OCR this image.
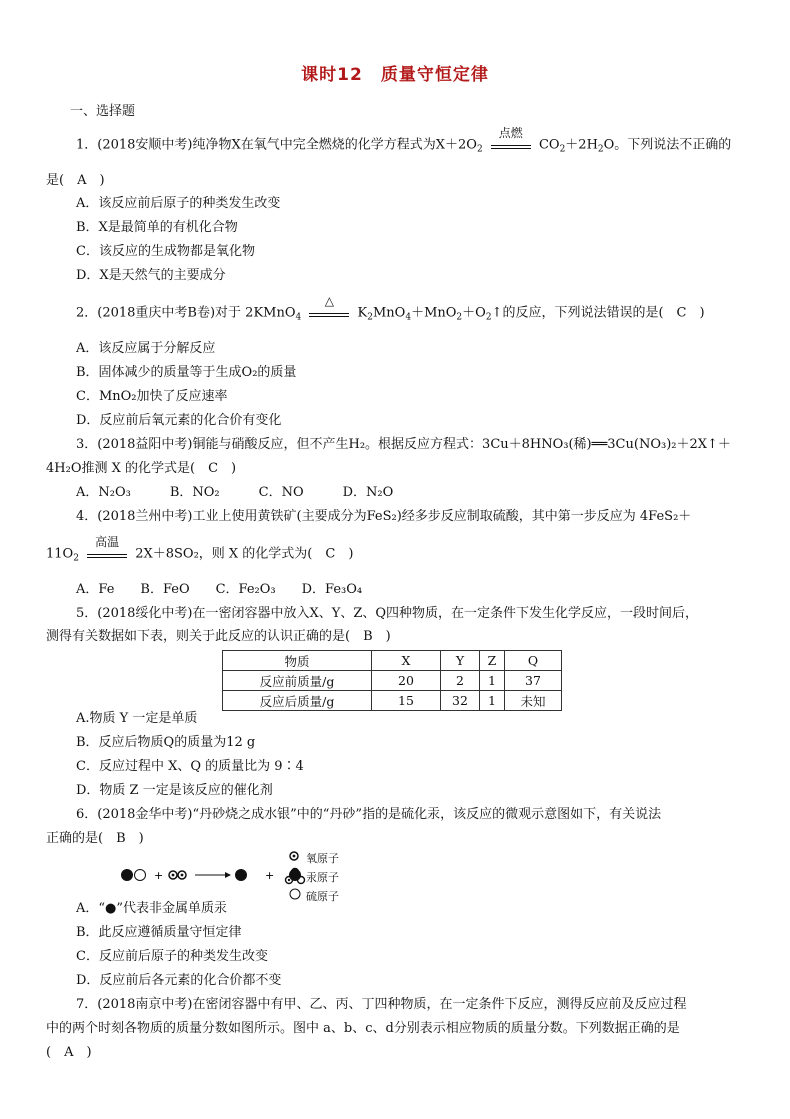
课时12　质量守恒定律
一、选择题
1．(2018安顺中考)纯净物X在氧气中完全燃烧的化学方程式为$X+2O_2$
点燃
$CO_2+2H_2O$。下列说法不正确的
是(　A　)
A．该反应前后原子的种类发生改变
B．X是最简单的有机化合物
C．该反应的生成物都是氧化物
D．X是天然气的主要成分
2．(2018重庆中考B卷)对于 2KMnO$_4$
△
$K_2MnO_4+MnO_2+O_2↑$的反应，下列说法错误的是(　C　)
A．该反应属于分解反应
B．固体减少的质量等于生成O₂的质量
C．MnO₂加快了反应速率
D．反应前后氧元素的化合价有变化
3．(2018益阳中考)铜能与硝酸反应，但不产生H₂。根据反应方程式：3Cu＋8HNO₃(稀)══3Cu(NO₃)₂＋2X↑＋
4H₂O推测 X 的化学式是(　C　)
A．N₂O₃　　　B．NO₂　　　C．NO　　　D．N₂O
4．(2018兰州中考)工业上使用黄铁矿(主要成分为FeS₂)经多步反应制取硫酸，其中第一步反应为 4FeS₂＋
$11O_2$
高温
2X＋8SO₂，则 X 的化学式为(　C　)
A．Fe　　B．FeO　　C．Fe₂O₃　　D．Fe₃O₄
5．(2018绥化中考)在一密闭容器中放入X、Y、Z、Q四种物质，在一定条件下发生化学反应，一段时间后，
测得有关数据如下表，则关于此反应的认识正确的是(　B　)
物质	X	Y	Z	Q
反应前质量/g	20	2	1	37
反应后质量/g	15	32	1	未知
A.物质 Y 一定是单质
B．反应后物质Q的质量为12 g
C．反应过程中 X、Q 的质量比为 9∶4
D．物质 Z 一定是该反应的催化剂
6．(2018金华中考)“丹砂烧之成水银”中的“丹砂”指的是硫化汞，该反应的微观示意图如下，有关说法
正确的是(　B　)
+	+
氧原子
汞原子
硫原子
A．“●”代表非金属单质汞
B．此反应遵循质量守恒定律
C．反应前后原子的种类发生改变
D．反应前后各元素的化合价都不变
7．(2018南京中考)在密闭容器中有甲、乙、丙、丁四种物质，在一定条件下反应，测得反应前及反应过程
中的两个时刻各物质的质量分数如图所示。图中 a、b、c、d分别表示相应物质的质量分数。下列数据正确的是
(　A　)
